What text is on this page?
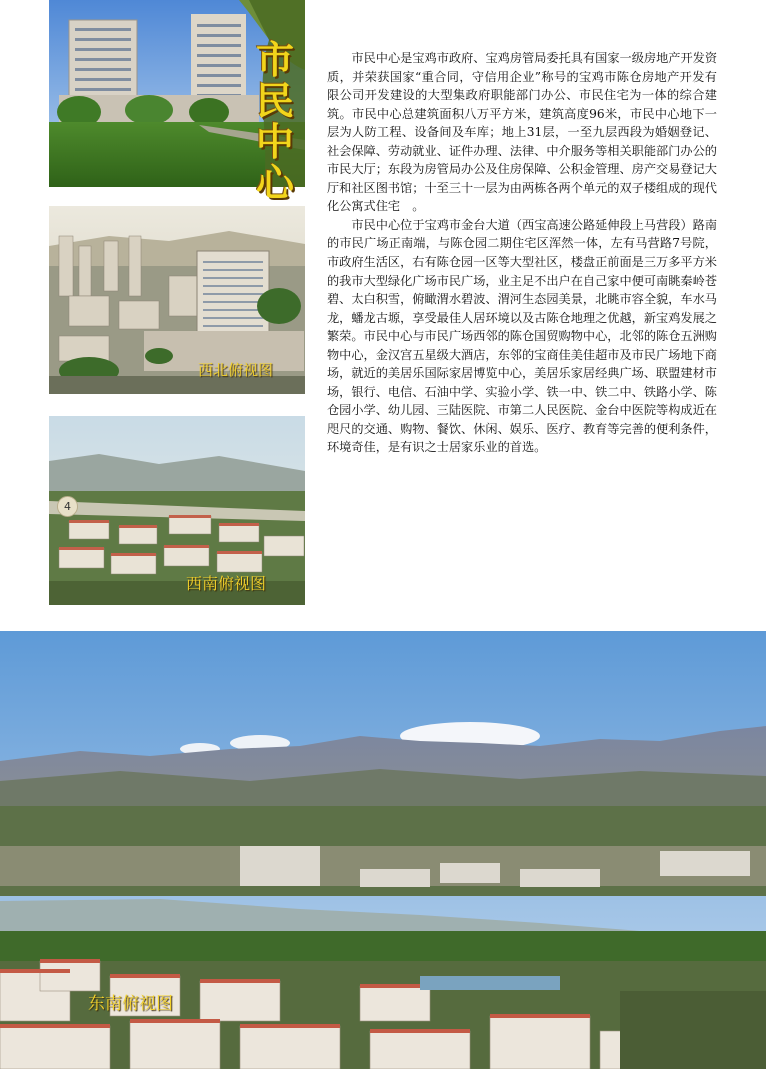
市
民
中
心
西北俯视图
4
西南俯视图

市民中心是宝鸡市政府、宝鸡房管局委托具有国家一级房地产开发资质，并荣获国家“重合同，守信用企业”称号的宝鸡市陈仓房地产开发有限公司开发建设的大型集政府职能部门办公、市民住宅为一体的综合建筑。市民中心总建筑面积八万平方米，建筑高度96米，市民中心地下一层为人防工程、设备间及车库；地上31层，一至九层西段为婚姻登记、社会保障、劳动就业、证件办理、法律、中介服务等相关职能部门办公的市民大厅；东段为房管局办公及住房保障、公积金管理、房产交易登记大厅和社区图书馆；十至三十一层为由两栋各两个单元的双子楼组成的现代化公寓式住宅　。

市民中心位于宝鸡市金台大道（西宝高速公路延伸段上马营段）路南的市民广场正南端，与陈仓园二期住宅区浑然一体，左有马营路7号院，市政府生活区，右有陈仓园一区等大型社区，楼盘正前面是三万多平方米的我市大型绿化广场市民广场，业主足不出户在自己家中便可南眺秦岭苍碧、太白积雪，俯瞰渭水碧波、渭河生态园美景，北眺市容全貌，车水马龙，蟠龙古塬，享受最佳人居环境以及古陈仓地理之优越，新宝鸡发展之繁荣。市民中心与市民广场西邻的陈仓国贸购物中心，北邻的陈仓五洲购物中心，金汉宫五星级大酒店，东邻的宝商佳美佳超市及市民广场地下商场，就近的美居乐国际家居博览中心，美居乐家居经典广场、联盟建材市场，银行、电信、石油中学、实验小学、铁一中、铁二中、铁路小学、陈仓园小学、幼儿园、三陆医院、市第二人民医院、金台中医院等构成近在咫尺的交通、购物、餐饮、休闲、娱乐、医疗、教育等完善的便利条件，环境奇佳，是有识之士居家乐业的首选。

东南俯视图
